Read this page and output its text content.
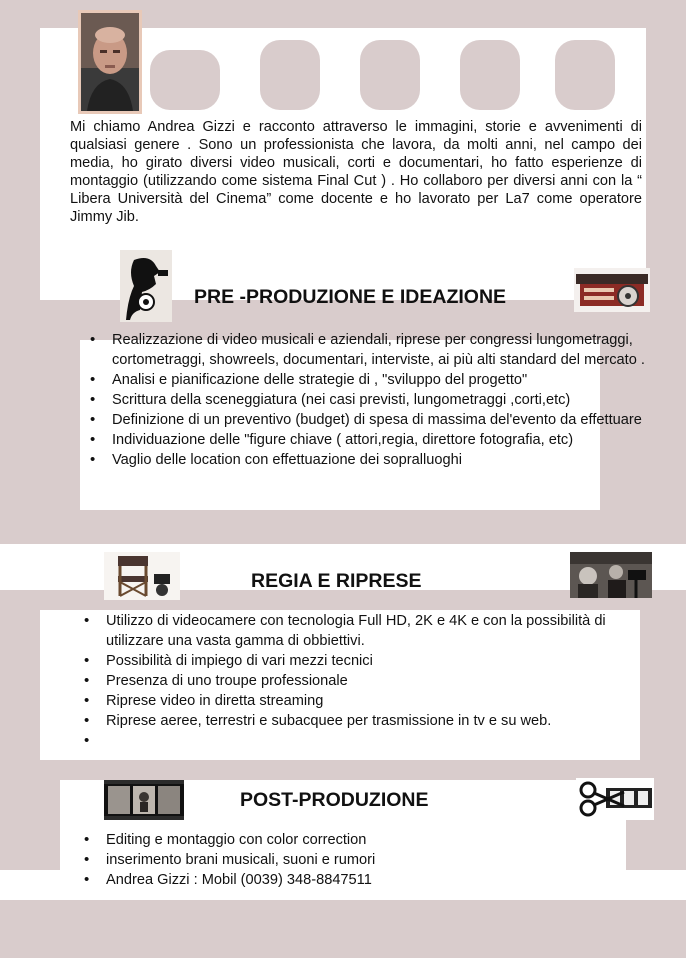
Mi chiamo Andrea Gizzi e racconto attraverso le immagini, storie e avvenimenti di qualsiasi genere . Sono un professionista che lavora, da molti anni, nel campo dei media, ho girato diversi video musicali, corti e documentari, ho fatto esperienze di montaggio (utilizzando come sistema Final Cut ) . Ho collaboro per diversi anni con la “ Libera Università del Cinema” come docente e ho lavorato per La7 come operatore Jimmy Jib.

PRE -PRODUZIONE E IDEAZIONE
• Realizzazione di video musicali e aziendali, riprese per congressi lungometraggi, cortometraggi, showreels, documentari, interviste, ai più alti standard del mercato .
• Analisi e pianificazione delle strategie di , "sviluppo del progetto"
• Scrittura della sceneggiatura (nei casi previsti, lungometraggi ,corti,etc)
• Definizione di un preventivo (budget) di spesa di massima del'evento da effettuare
• Individuazione delle "figure chiave ( attori,regia, direttore fotografia, etc)
• Vaglio delle location con effettuazione dei sopralluoghi
REGIA E RIPRESE
• Utilizzo di videocamere con tecnologia Full HD, 2K e 4K e con la possibilità di utilizzare una vasta gamma di obbiettivi.
• Possibilità di impiego di vari mezzi tecnici
• Presenza di uno troupe professionale
• Riprese video in diretta streaming
• Riprese aeree, terrestri e subacquee per trasmissione in tv e su web.
POST-PRODUZIONE
• Editing e montaggio con color correction
• inserimento brani musicali, suoni e rumori
• Andrea Gizzi : Mobil (0039) 348-8847511
